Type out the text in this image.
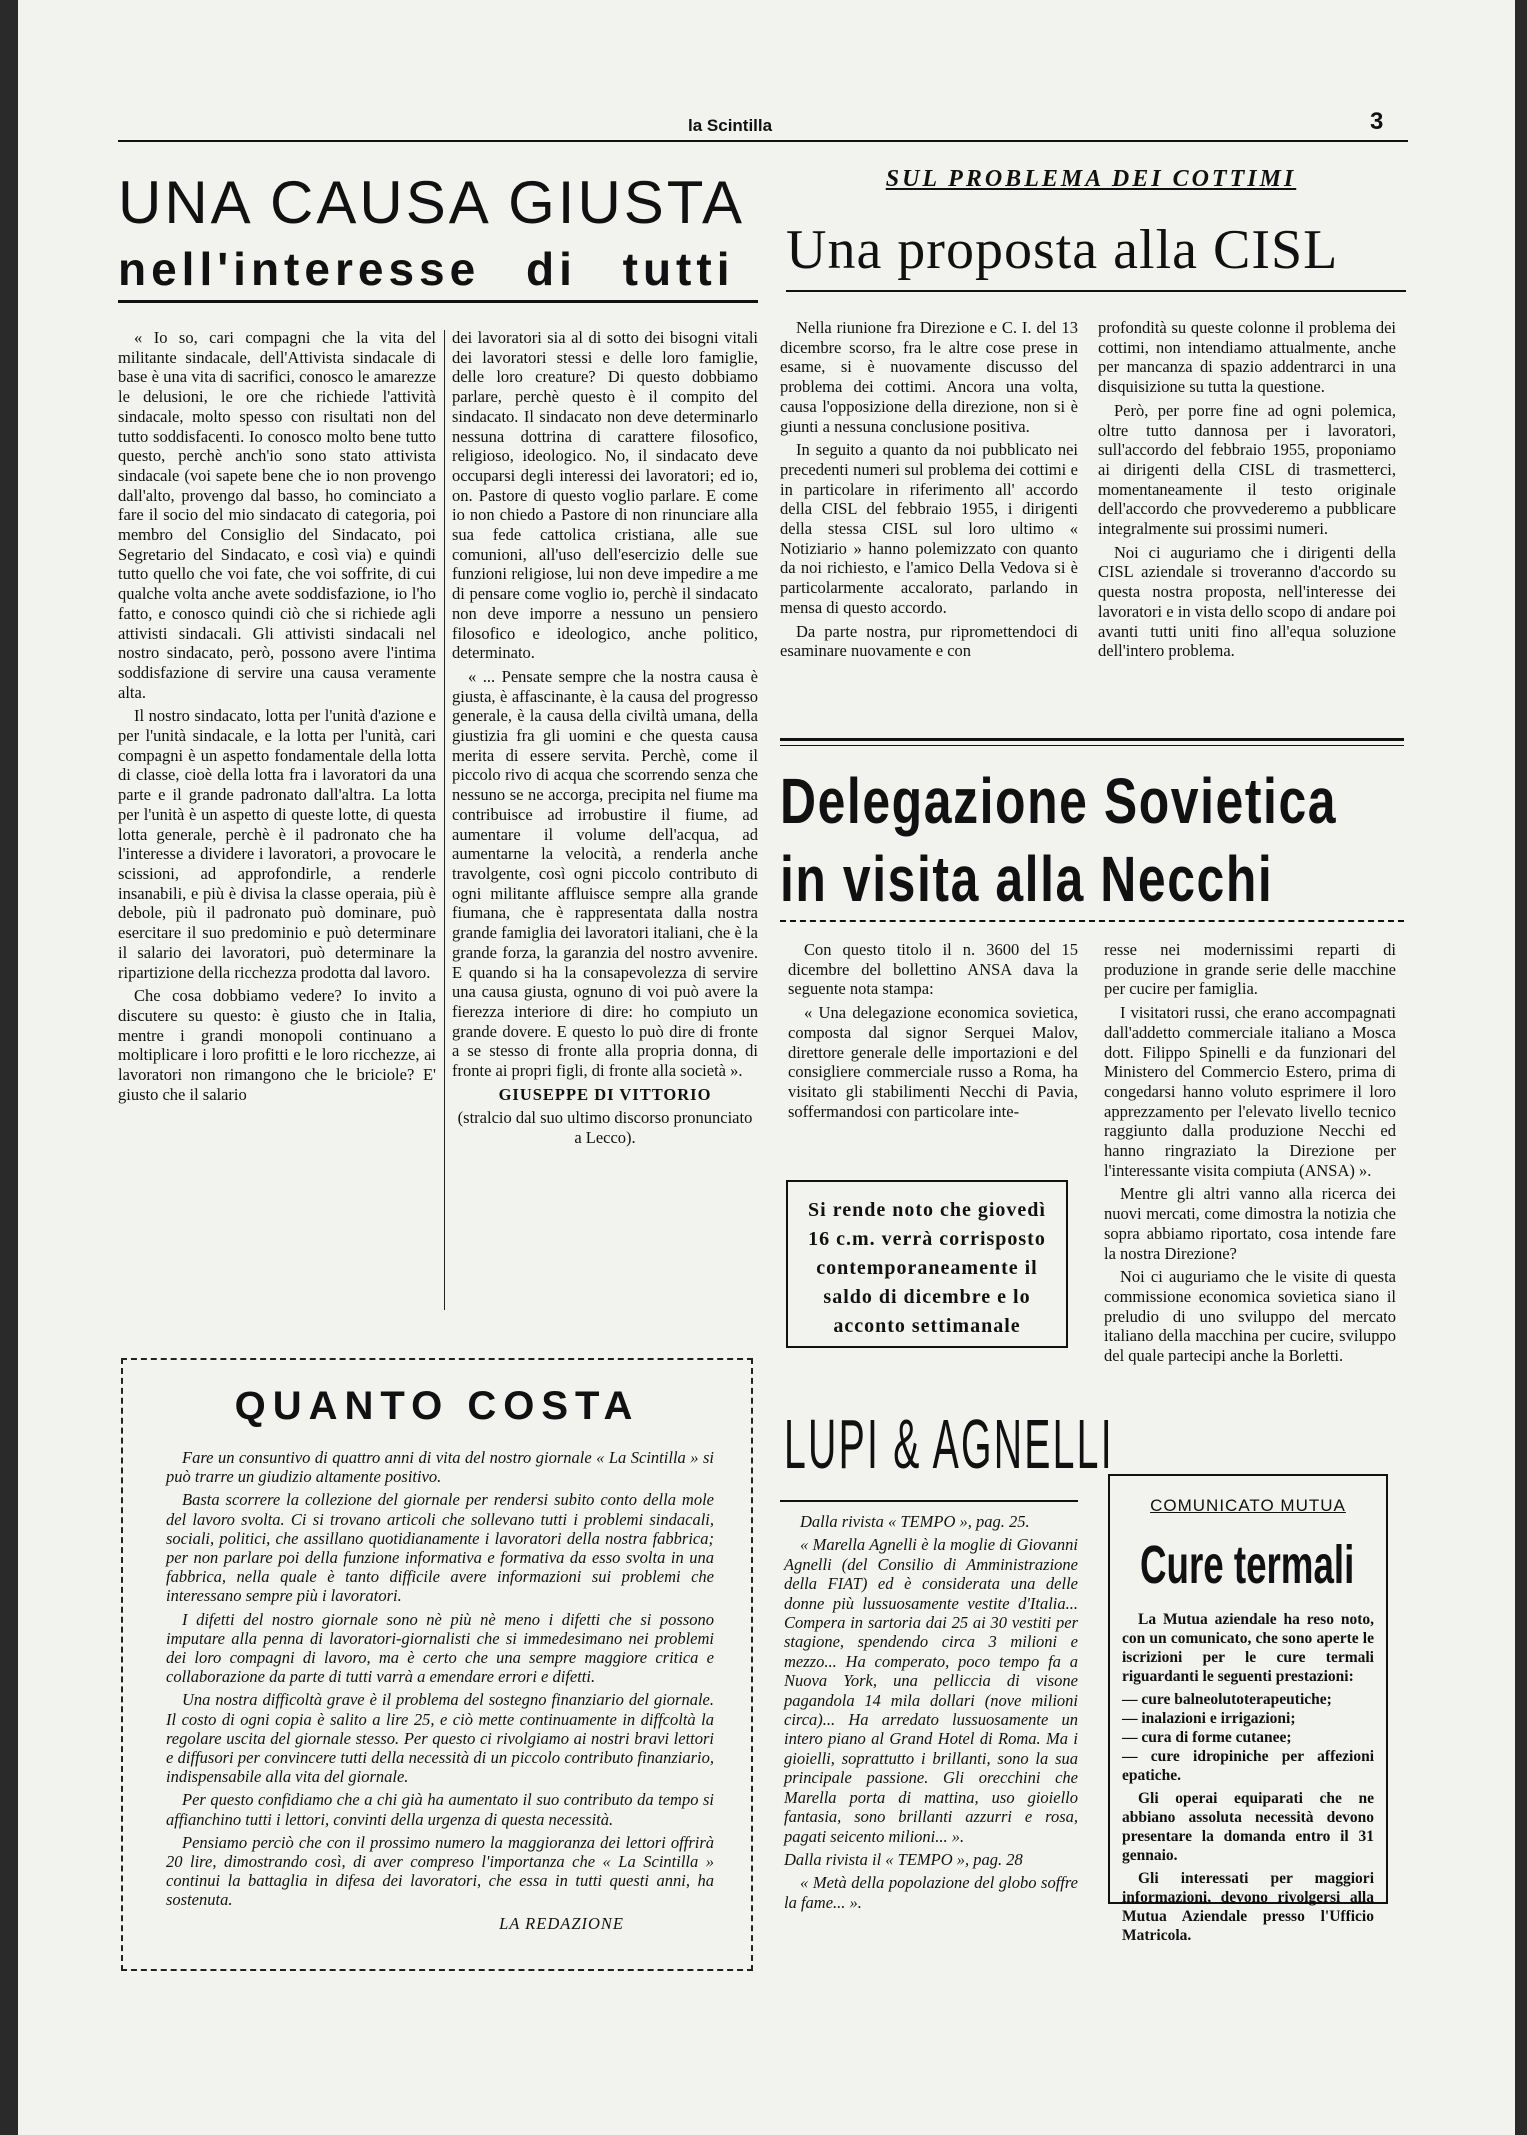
la Scintilla	3
UNA CAUSA GIUSTA
nell'interesse di tutti

« Io so, cari compagni che la vita del militante sindacale, dell'Attivista sindacale di base è una vita di sacrifici, conosco le amarezze le delusioni, le ore che richiede l'attività sindacale, molto spesso con risultati non del tutto soddisfacenti. Io conosco molto bene tutto questo, perchè anch'io sono stato attivista sindacale (voi sapete bene che io non provengo dall'alto, provengo dal basso, ho cominciato a fare il socio del mio sindacato di categoria, poi membro del Consiglio del Sindacato, poi Segretario del Sindacato, e così via) e quindi tutto quello che voi fate, che voi soffrite, di cui qualche volta anche avete soddisfazione, io l'ho fatto, e conosco quindi ciò che si richiede agli attivisti sindacali. Gli attivisti sindacali nel nostro sindacato, però, possono avere l'intima soddisfazione di servire una causa veramente alta.

Il nostro sindacato, lotta per l'unità d'azione e per l'unità sindacale, e la lotta per l'unità, cari compagni è un aspetto fondamentale della lotta di classe, cioè della lotta fra i lavoratori da una parte e il grande padronato dall'altra. La lotta per l'unità è un aspetto di queste lotte, di questa lotta generale, perchè è il padronato che ha l'interesse a dividere i lavoratori, a provocare le scissioni, ad approfondirle, a renderle insanabili, e più è divisa la classe operaia, più è debole, più il padronato può dominare, può esercitare il suo predominio e può determinare il salario dei lavoratori, può determinare la ripartizione della ricchezza prodotta dal lavoro.

Che cosa dobbiamo vedere? Io invito a discutere su questo: è giusto che in Italia, mentre i grandi monopoli continuano a moltiplicare i loro profitti e le loro ricchezze, ai lavoratori non rimangono che le briciole? E' giusto che il salario

dei lavoratori sia al di sotto dei bisogni vitali dei lavoratori stessi e delle loro famiglie, delle loro creature? Di questo dobbiamo parlare, perchè questo è il compito del sindacato. Il sindacato non deve determinarlo nessuna dottrina di carattere filosofico, religioso, ideologico. No, il sindacato deve occuparsi degli interessi dei lavoratori; ed io, on. Pastore di questo voglio parlare. E come io non chiedo a Pastore di non rinunciare alla sua fede cattolica cristiana, alle sue comunioni, all'uso dell'esercizio delle sue funzioni religiose, lui non deve impedire a me di pensare come voglio io, perchè il sindacato non deve imporre a nessuno un pensiero filosofico e ideologico, anche politico, determinato.

« ... Pensate sempre che la nostra causa è giusta, è affascinante, è la causa del progresso generale, è la causa della civiltà umana, della giustizia fra gli uomini e che questa causa merita di essere servita. Perchè, come il piccolo rivo di acqua che scorrendo senza che nessuno se ne accorga, precipita nel fiume ma contribuisce ad irrobustire il fiume, ad aumentare il volume dell'acqua, ad aumentarne la velocità, a renderla anche travolgente, così ogni piccolo contributo di ogni militante affluisce sempre alla grande fiumana, che è rappresentata dalla nostra grande famiglia dei lavoratori italiani, che è la grande forza, la garanzia del nostro avvenire. E quando si ha la consapevolezza di servire una causa giusta, ognuno di voi può avere la fierezza interiore di dire: ho compiuto un grande dovere. E questo lo può dire di fronte a se stesso di fronte alla propria donna, di fronte ai propri figli, di fronte alla società ».

GIUSEPPE DI VITTORIO

(stralcio dal suo ultimo discorso pronunciato a Lecco).

QUANTO COSTA

Fare un consuntivo di quattro anni di vita del nostro giornale « La Scintilla » si può trarre un giudizio altamente positivo.

Basta scorrere la collezione del giornale per rendersi subito conto della mole del lavoro svolta. Ci si trovano articoli che sollevano tutti i problemi sindacali, sociali, politici, che assillano quotidianamente i lavoratori della nostra fabbrica; per non parlare poi della funzione informativa e formativa da esso svolta in una fabbrica, nella quale è tanto difficile avere informazioni sui problemi che interessano sempre più i lavoratori.

I difetti del nostro giornale sono nè più nè meno i difetti che si possono imputare alla penna di lavoratori-giornalisti che si immedesimano nei problemi dei loro compagni di lavoro, ma è certo che una sempre maggiore critica e collaborazione da parte di tutti varrà a emendare errori e difetti.

Una nostra difficoltà grave è il problema del sostegno finanziario del giornale. Il costo di ogni copia è salito a lire 25, e ciò mette continuamente in diffcoltà la regolare uscita del giornale stesso. Per questo ci rivolgiamo ai nostri bravi lettori e diffusori per convincere tutti della necessità di un piccolo contributo finanziario, indispensabile alla vita del giornale.

Per questo confidiamo che a chi già ha aumentato il suo contributo da tempo si affianchino tutti i lettori, convinti della urgenza di questa necessità.

Pensiamo perciò che con il prossimo numero la maggioranza dei lettori offrirà 20 lire, dimostrando così, di aver compreso l'importanza che « La Scintilla » continui la battaglia in difesa dei lavoratori, che essa in tutti questi anni, ha sostenuta.

LA REDAZIONE

SUL PROBLEMA DEI COTTIMI
Una proposta alla CISL

Nella riunione fra Direzione e C. I. del 13 dicembre scorso, fra le altre cose prese in esame, si è nuovamente discusso del problema dei cottimi. Ancora una volta, causa l'opposizione della direzione, non si è giunti a nessuna conclusione positiva.

In seguito a quanto da noi pubblicato nei precedenti numeri sul problema dei cottimi e in particolare in riferimento all' accordo della CISL del febbraio 1955, i dirigenti della stessa CISL sul loro ultimo « Notiziario » hanno polemizzato con quanto da noi richiesto, e l'amico Della Vedova si è particolarmente accalorato, parlando in mensa di questo accordo.

Da parte nostra, pur ripromettendoci di esaminare nuovamente e con

profondità su queste colonne il problema dei cottimi, non intendiamo attualmente, anche per mancanza di spazio addentrarci in una disquisizione su tutta la questione.

Però, per porre fine ad ogni polemica, oltre tutto dannosa per i lavoratori, sull'accordo del febbraio 1955, proponiamo ai dirigenti della CISL di trasmetterci, momentaneamente il testo originale dell'accordo che provvederemo a pubblicare integralmente sui prossimi numeri.

Noi ci auguriamo che i dirigenti della CISL aziendale si troveranno d'accordo su questa nostra proposta, nell'interesse dei lavoratori e in vista dello scopo di andare poi avanti tutti uniti fino all'equa soluzione dell'intero problema.

Delegazione Sovietica
in visita alla Necchi

Con questo titolo il n. 3600 del 15 dicembre del bollettino ANSA dava la seguente nota stampa:

« Una delegazione economica sovietica, composta dal signor Serquei Malov, direttore generale delle importazioni e del consigliere commerciale russo a Roma, ha visitato gli stabilimenti Necchi di Pavia, soffermandosi con particolare inte-

resse nei modernissimi reparti di produzione in grande serie delle macchine per cucire per famiglia.

I visitatori russi, che erano accompagnati dall'addetto commerciale italiano a Mosca dott. Filippo Spinelli e da funzionari del Ministero del Commercio Estero, prima di congedarsi hanno voluto esprimere il loro apprezzamento per l'elevato livello tecnico raggiunto dalla produzione Necchi ed hanno ringraziato la Direzione per l'interessante visita compiuta (ANSA) ».

Mentre gli altri vanno alla ricerca dei nuovi mercati, come dimostra la notizia che sopra abbiamo riportato, cosa intende fare la nostra Direzione?

Noi ci auguriamo che le visite di questa commissione economica sovietica siano il preludio di uno sviluppo del mercato italiano della macchina per cucire, sviluppo del quale partecipi anche la Borletti.

Si rende noto che giovedì
16 c.m. verrà corrisposto
contemporaneamente il
saldo di dicembre e lo
acconto settimanale
LUPI & AGNELLI

Dalla rivista « TEMPO », pag. 25.

« Marella Agnelli è la moglie di Giovanni Agnelli (del Consilio di Amministrazione della FIAT) ed è considerata una delle donne più lussuosamente vestite d'Italia... Compera in sartoria dai 25 ai 30 vestiti per stagione, spendendo circa 3 milioni e mezzo... Ha comperato, poco tempo fa a Nuova York, una pelliccia di visone pagandola 14 mila dollari (nove milioni circa)... Ha arredato lussuosamente un intero piano al Grand Hotel di Roma. Ma i gioielli, soprattutto i brillanti, sono la sua principale passione. Gli orecchini che Marella porta di mattina, uso gioiello fantasia, sono brillanti azzurri e rosa, pagati seicento milioni... ».

Dalla rivista il « TEMPO », pag. 28

« Metà della popolazione del globo soffre la fame... ».

COMUNICATO MUTUA
Cure termali

La Mutua aziendale ha reso noto, con un comunicato, che sono aperte le iscrizioni per le cure termali riguardanti le seguenti prestazioni:

— cure balneolutoterapeutiche;
— inalazioni e irrigazioni;
— cura di forme cutanee;
— cure idropiniche per affezioni epatiche.

Gli operai equiparati che ne abbiano assoluta necessità devono presentare la domanda entro il 31 gennaio.

Gli interessati per maggiori informazioni, devono rivolgersi alla Mutua Aziendale presso l'Ufficio Matricola.
